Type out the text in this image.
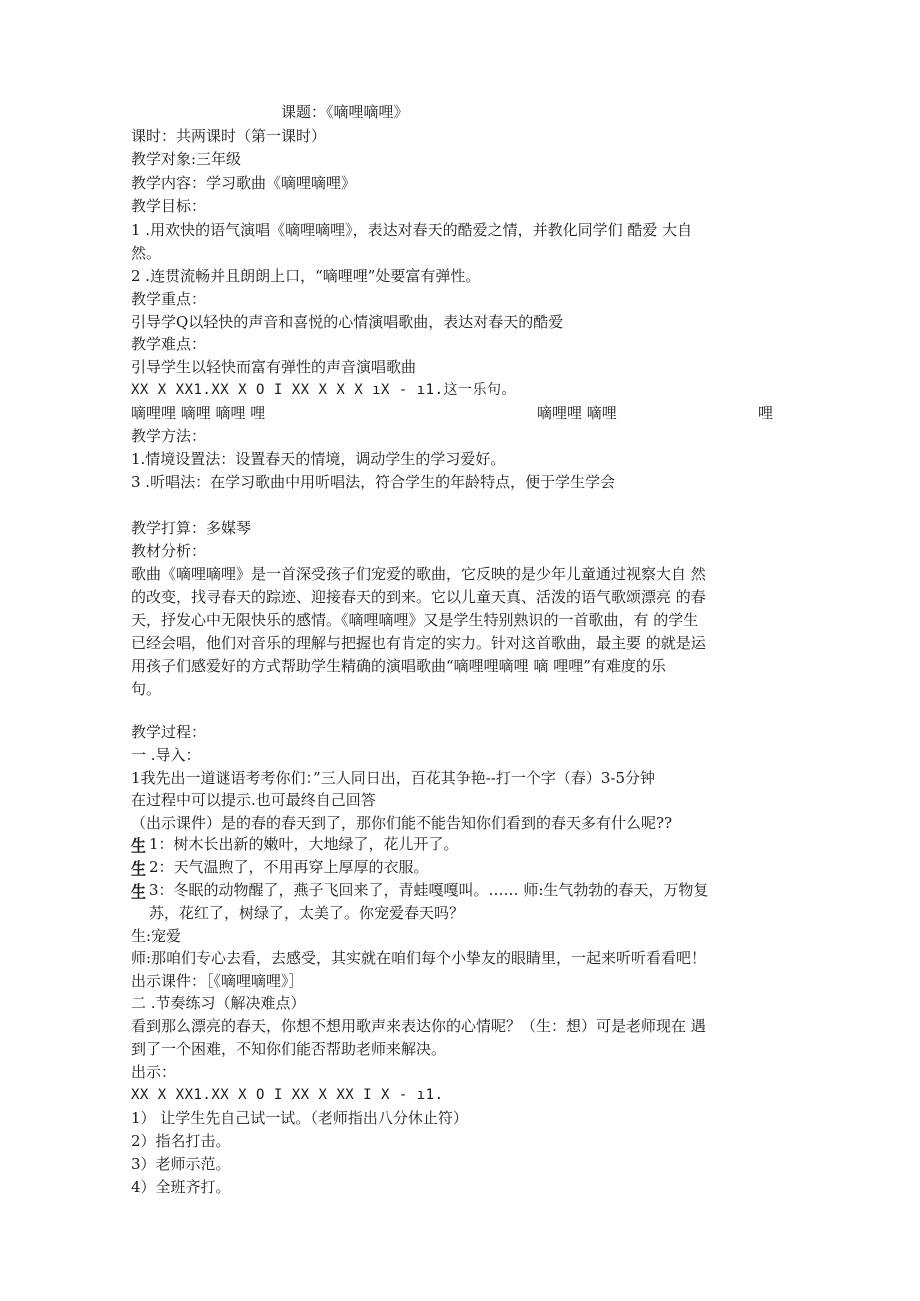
课题：《嘀哩嘀哩》
课时：共两课时（第一课时）
教学对象:三年级
教学内容：学习歌曲《嘀哩嘀哩》
教学目标：
1 .用欢快的语气演唱《嘀哩嘀哩》，表达对春天的酷爱之情，并教化同学们 酷爱 大自
然。
2 .连贯流畅并且朗朗上口，“嘀哩哩”处要富有弹性。
教学重点：
引导学Q以轻快的声音和喜悦的心情演唱歌曲，表达对春天的酷爱
教学难点：
引导学生以轻快而富有弹性的声音演唱歌曲
XX X XX1.XX X O I XX X X X ıX - ı1.这一乐句。
嘀哩哩 嘀哩 嘀哩 哩	嘀哩哩 嘀哩	哩
教学方法：
1.情境设置法：设置春天的情境，调动学生的学习爱好。
3 .听唱法：在学习歌曲中用听唱法，符合学生的年龄特点，便于学生学会
教学打算：多媒琴
教材分析：
歌曲《嘀哩嘀哩》是一首深受孩子们宠爱的歌曲，它反映的是少年儿童通过视察大自 然
的改变，找寻春天的踪迹、迎接春天的到来。它以儿童天真、活泼的语气歌颂漂亮 的春
天，抒发心中无限快乐的感情。《嘀哩嘀哩》又是学生特别熟识的一首歌曲，有 的学生
已经会唱，他们对音乐的理解与把握也有肯定的实力。针对这首歌曲，最主要 的就是运
用孩子们感爱好的方式帮助学生精确的演唱歌曲“嘀哩哩嘀哩 嘀 哩哩”有难度的乐
句。
教学过程：
一 .导入：
1我先出一道谜语考考你们：”三人同日出，百花其争艳--打一个字（春）3-5分钟
在过程中可以提示.也可最终自己回答
（出示课件）是的春的春天到了，那你们能不能告知你们看到的春天多有什么呢??
生 1：树木长出新的嫩叶，大地绿了，花儿开了。
生 2：天气温煦了，不用再穿上厚厚的衣服。
生 3：冬眠的动物醒了，燕子飞回来了，青蛙嘎嘎叫。…… 师:生气勃勃的春天，万物复
苏，花红了，树绿了，太美了。你宠爱春天吗？
生:宠爱
师:那咱们专心去看，去感受，其实就在咱们每个小挚友的眼睛里，一起来听听看看吧！
出示课件：［《嘀哩嘀哩》］
二 .节奏练习（解决难点）
看到那么漂亮的春天，你想不想用歌声来表达你的心情呢？（生：想）可是老师现在 遇
到了一个困难，不知你们能否帮助老师来解决。
出示：
XX X XX1.XX X O I XX X XX I X - ı1.
1） 让学生先自己试一试。（老师指出八分休止符）
2）指名打击。
3）老师示范。
4）全班齐打。
